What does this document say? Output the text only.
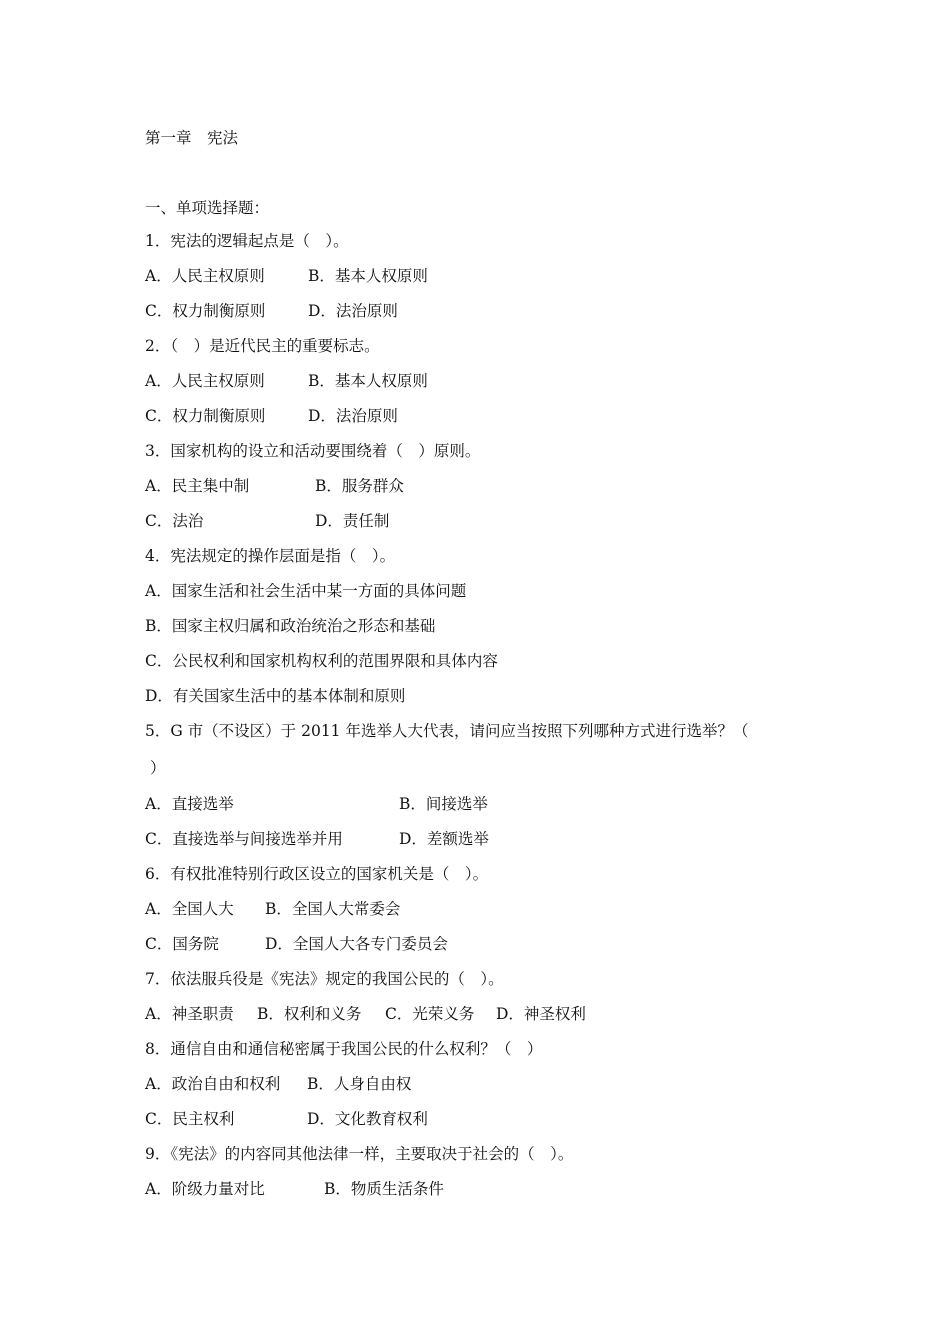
第一章　宪法
一、单项选择题：
1．宪法的逻辑起点是（　）。
A．人民主权原则	B．基本人权原则
C．权力制衡原则	D．法治原则
2．（　）是近代民主的重要标志。
A．人民主权原则	B．基本人权原则
C．权力制衡原则	D．法治原则
3．国家机构的设立和活动要围绕着（　）原则。
A．民主集中制	B．服务群众
C．法治	D．责任制
4．宪法规定的操作层面是指（　）。
A．国家生活和社会生活中某一方面的具体问题
B．国家主权归属和政治统治之形态和基础
C．公民权利和国家机构权利的范围界限和具体内容
D．有关国家生活中的基本体制和原则
5．G 市（不设区）于 2011 年选举人大代表，请问应当按照下列哪种方式进行选举？（
）
A．直接选举	B．间接选举
C．直接选举与间接选举并用	D．差额选举
6．有权批准特别行政区设立的国家机关是（　）。
A．全国人大 B．全国人大常委会
C．国务院	D．全国人大各专门委员会
7．依法服兵役是《宪法》规定的我国公民的（　）。
A．神圣职责 B．权利和义务 C．光荣义务 D．神圣权利
8．通信自由和通信秘密属于我国公民的什么权利？（　）
A．政治自由和权利 B．人身自由权
C．民主权利	D．文化教育权利
9．《宪法》的内容同其他法律一样，主要取决于社会的（　）。
A．阶级力量对比	B．物质生活条件
